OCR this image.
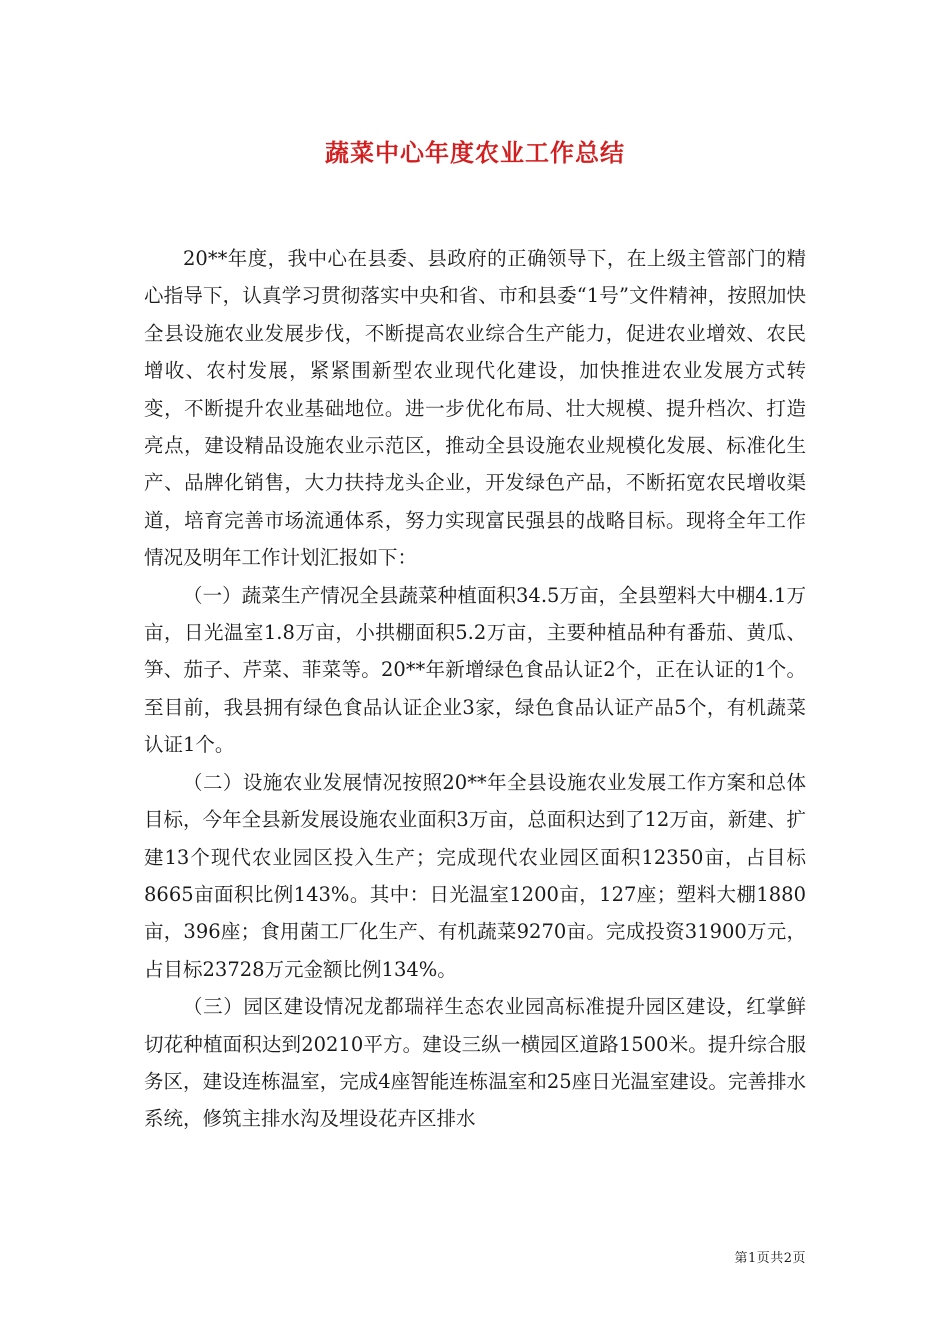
蔬菜中心年度农业工作总结

20**年度，我中心在县委、县政府的正确领导下，在上级主管部门的精心指导下，认真学习贯彻落实中央和省、市和县委“1号”文件精神，按照加快全县设施农业发展步伐，不断提高农业综合生产能力，促进农业增效、农民增收、农村发展，紧紧围新型农业现代化建设，加快推进农业发展方式转变，不断提升农业基础地位。进一步优化布局、壮大规模、提升档次、打造亮点，建设精品设施农业示范区，推动全县设施农业规模化发展、标准化生产、品牌化销售，大力扶持龙头企业，开发绿色产品，不断拓宽农民增收渠道，培育完善市场流通体系，努力实现富民强县的战略目标。现将全年工作情况及明年工作计划汇报如下：

（一）蔬菜生产情况全县蔬菜种植面积34.5万亩，全县塑料大中棚4.1万亩，日光温室1.8万亩，小拱棚面积5.2万亩，主要种植品种有番茄、黄瓜、笋、茄子、芹菜、菲菜等。20**年新增绿色食品认证2个，正在认证的1个。至目前，我县拥有绿色食品认证企业3家，绿色食品认证产品5个，有机蔬菜认证1个。

（二）设施农业发展情况按照20**年全县设施农业发展工作方案和总体目标，今年全县新发展设施农业面积3万亩，总面积达到了12万亩，新建、扩建13个现代农业园区投入生产；完成现代农业园区面积12350亩，占目标8665亩面积比例143%。其中：日光温室1200亩，127座；塑料大棚1880亩，396座；食用菌工厂化生产、有机蔬菜9270亩。完成投资31900万元，占目标23728万元金额比例134%。

（三）园区建设情况龙都瑞祥生态农业园高标准提升园区建设，红掌鲜切花种植面积达到20210平方。建设三纵一横园区道路1500米。提升综合服务区，建设连栋温室，完成4座智能连栋温室和25座日光温室建设。完善排水系统，修筑主排水沟及埋设花卉区排水

第1页共2页
